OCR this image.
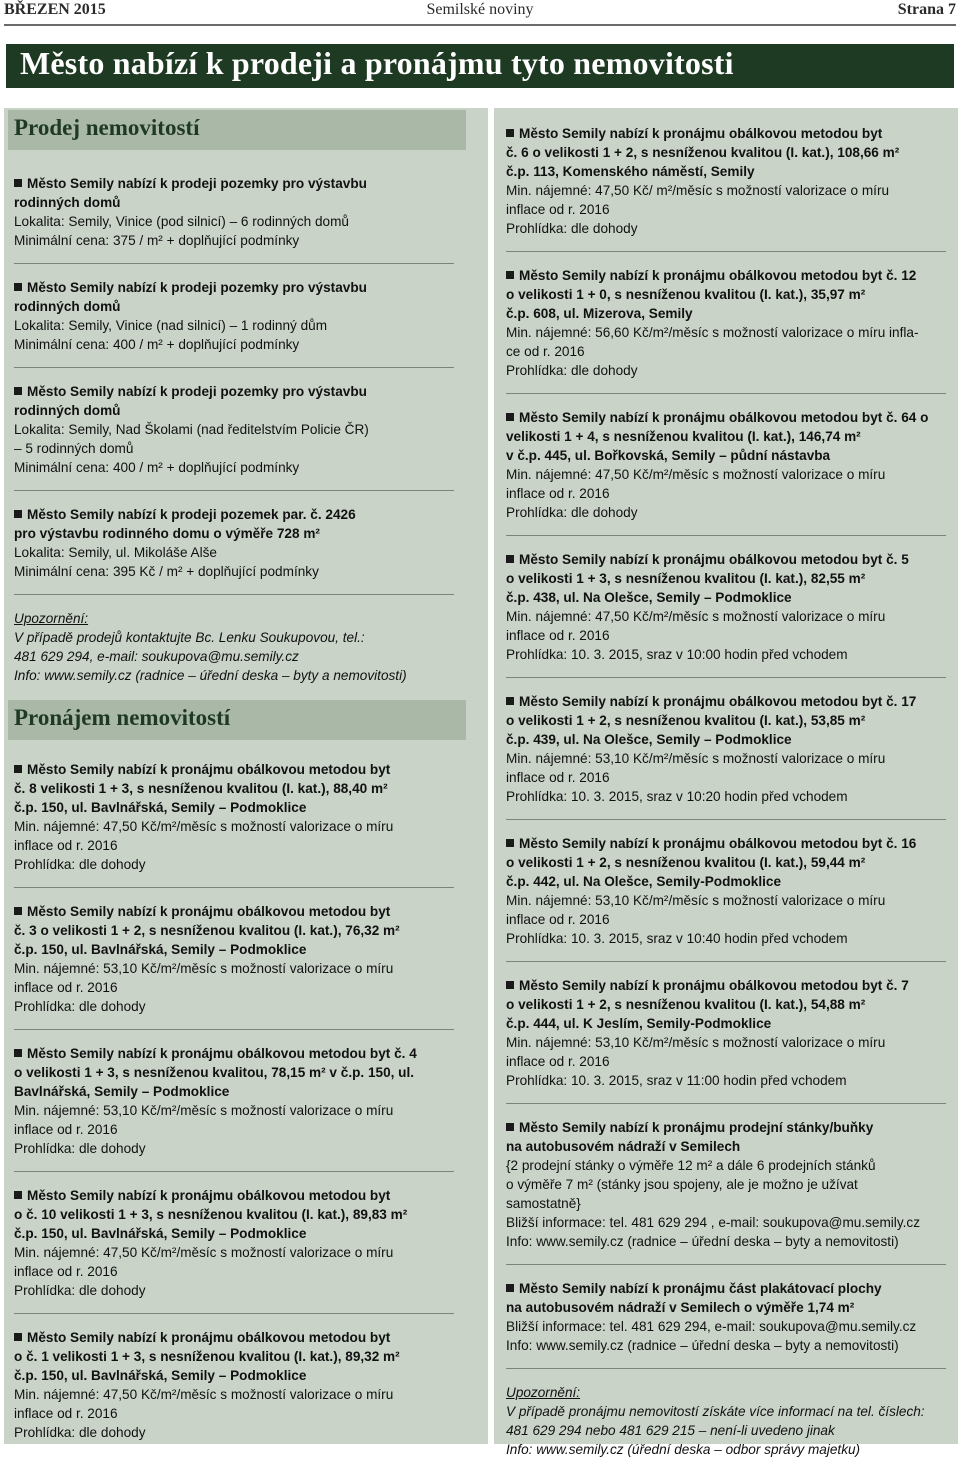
BŘEZEN 2015	Semilské noviny	Strana 7
Město nabízí k prodeji a pronájmu tyto nemovitosti
Prodej nemovitostí
Město Semily nabízí k prodeji pozemky pro výstavbu
rodinných domů
Lokalita: Semily, Vinice (pod silnicí) – 6 rodinných domů
Minimální cena: 375 / m² + doplňující podmínky
Město Semily nabízí k prodeji pozemky pro výstavbu
rodinných domů
Lokalita: Semily, Vinice (nad silnicí) – 1 rodinný dům
Minimální cena: 400 / m² + doplňující podmínky
Město Semily nabízí k prodeji pozemky pro výstavbu
rodinných domů
Lokalita: Semily, Nad Školami (nad ředitelstvím Policie ČR)
– 5 rodinných domů
Minimální cena: 400 / m² + doplňující podmínky
Město Semily nabízí k prodeji pozemek par. č. 2426
pro výstavbu rodinného domu o výměře 728 m²
Lokalita: Semily, ul. Mikoláše Alše
Minimální cena: 395 Kč / m² + doplňující podmínky
Upozornění:
V případě prodejů kontaktujte Bc. Lenku Soukupovou, tel.:
481 629 294, e-mail: soukupova@mu.semily.cz
Info: www.semily.cz (radnice – úřední deska – byty a nemovitosti)
Pronájem nemovitostí
Město Semily nabízí k pronájmu obálkovou metodou byt
č. 8 velikosti 1 + 3, s nesníženou kvalitou (I. kat.), 88,40 m²
č.p. 150, ul. Bavlnářská, Semily – Podmoklice
Min. nájemné: 47,50 Kč/m²/měsíc s možností valorizace o míru
inflace od r. 2016
Prohlídka: dle dohody
Město Semily nabízí k pronájmu obálkovou metodou byt
č. 3 o velikosti 1 + 2, s nesníženou kvalitou (I. kat.), 76,32 m²
č.p. 150, ul. Bavlnářská, Semily – Podmoklice
Min. nájemné: 53,10 Kč/m²/měsíc s možností valorizace o míru
inflace od r. 2016
Prohlídka: dle dohody
Město Semily nabízí k pronájmu obálkovou metodou byt č. 4
o velikosti 1 + 3, s nesníženou kvalitou, 78,15 m² v č.p. 150, ul.
Bavlnářská, Semily – Podmoklice
Min. nájemné: 53,10 Kč/m²/měsíc s možností valorizace o míru
inflace od r. 2016
Prohlídka: dle dohody
Město Semily nabízí k pronájmu obálkovou metodou byt
o č. 10 velikosti 1 + 3, s nesníženou kvalitou (I. kat.), 89,83 m²
č.p. 150, ul. Bavlnářská, Semily – Podmoklice
Min. nájemné: 47,50 Kč/m²/měsíc s možností valorizace o míru
inflace od r. 2016
Prohlídka: dle dohody
Město Semily nabízí k pronájmu obálkovou metodou byt
o č. 1 velikosti 1 + 3, s nesníženou kvalitou (I. kat.), 89,32 m²
č.p. 150, ul. Bavlnářská, Semily – Podmoklice
Min. nájemné: 47,50 Kč/m²/měsíc s možností valorizace o míru
inflace od r. 2016
Prohlídka: dle dohody
Město Semily nabízí k pronájmu obálkovou metodou byt
č. 6 o velikosti 1 + 2, s nesníženou kvalitou (I. kat.), 108,66 m²
č.p. 113, Komenského náměstí, Semily
Min. nájemné: 47,50 Kč/ m²/měsíc s možností valorizace o míru
inflace od r. 2016
Prohlídka: dle dohody
Město Semily nabízí k pronájmu obálkovou metodou byt č. 12
o velikosti 1 + 0, s nesníženou kvalitou (I. kat.), 35,97 m²
č.p. 608, ul. Mizerova, Semily
Min. nájemné: 56,60 Kč/m²/měsíc s možností valorizace o míru infla-
ce od r. 2016
Prohlídka: dle dohody
Město Semily nabízí k pronájmu obálkovou metodou byt č. 64 o
velikosti 1 + 4, s nesníženou kvalitou (I. kat.), 146,74 m²
v č.p. 445, ul. Bořkovská, Semily – půdní nástavba
Min. nájemné: 47,50 Kč/m²/měsíc s možností valorizace o míru
inflace od r. 2016
Prohlídka: dle dohody
Město Semily nabízí k pronájmu obálkovou metodou byt č. 5
o velikosti 1 + 3, s nesníženou kvalitou (I. kat.), 82,55 m²
č.p. 438, ul. Na Olešce, Semily – Podmoklice
Min. nájemné: 47,50 Kč/m²/měsíc s možností valorizace o míru
inflace od r. 2016
Prohlídka: 10. 3. 2015, sraz v 10:00 hodin před vchodem
Město Semily nabízí k pronájmu obálkovou metodou byt č. 17
o velikosti 1 + 2, s nesníženou kvalitou (I. kat.), 53,85 m²
č.p. 439, ul. Na Olešce, Semily – Podmoklice
Min. nájemné: 53,10 Kč/m²/měsíc s možností valorizace o míru
inflace od r. 2016
Prohlídka: 10. 3. 2015, sraz v 10:20 hodin před vchodem
Město Semily nabízí k pronájmu obálkovou metodou byt č. 16
o velikosti 1 + 2, s nesníženou kvalitou (I. kat.), 59,44 m²
č.p. 442, ul. Na Olešce, Semily-Podmoklice
Min. nájemné: 53,10 Kč/m²/měsíc s možností valorizace o míru
inflace od r. 2016
Prohlídka: 10. 3. 2015, sraz v 10:40 hodin před vchodem
Město Semily nabízí k pronájmu obálkovou metodou byt č. 7
o velikosti 1 + 2, s nesníženou kvalitou (I. kat.), 54,88 m²
č.p. 444, ul. K Jeslím, Semily-Podmoklice
Min. nájemné: 53,10 Kč/m²/měsíc s možností valorizace o míru
inflace od r. 2016
Prohlídka: 10. 3. 2015, sraz v 11:00 hodin před vchodem
Město Semily nabízí k pronájmu prodejní stánky/buňky
na autobusovém nádraží v Semilech
{2 prodejní stánky o výměře 12 m² a dále 6 prodejních stánků
o výměře 7 m² (stánky jsou spojeny, ale je možno je užívat
samostatně}
Bližší informace: tel. 481 629 294 , e-mail: soukupova@mu.semily.cz
Info: www.semily.cz (radnice – úřední deska – byty a nemovitosti)
Město Semily nabízí k pronájmu část plakátovací plochy
na autobusovém nádraží v Semilech o výměře 1,74 m²
Bližší informace: tel. 481 629 294, e-mail: soukupova@mu.semily.cz
Info: www.semily.cz (radnice – úřední deska – byty a nemovitosti)
Upozornění:
V případě pronájmu nemovitostí získáte více informací na tel. číslech:
481 629 294 nebo 481 629 215 – není-li uvedeno jinak
Info: www.semily.cz (úřední deska – odbor správy majetku)
